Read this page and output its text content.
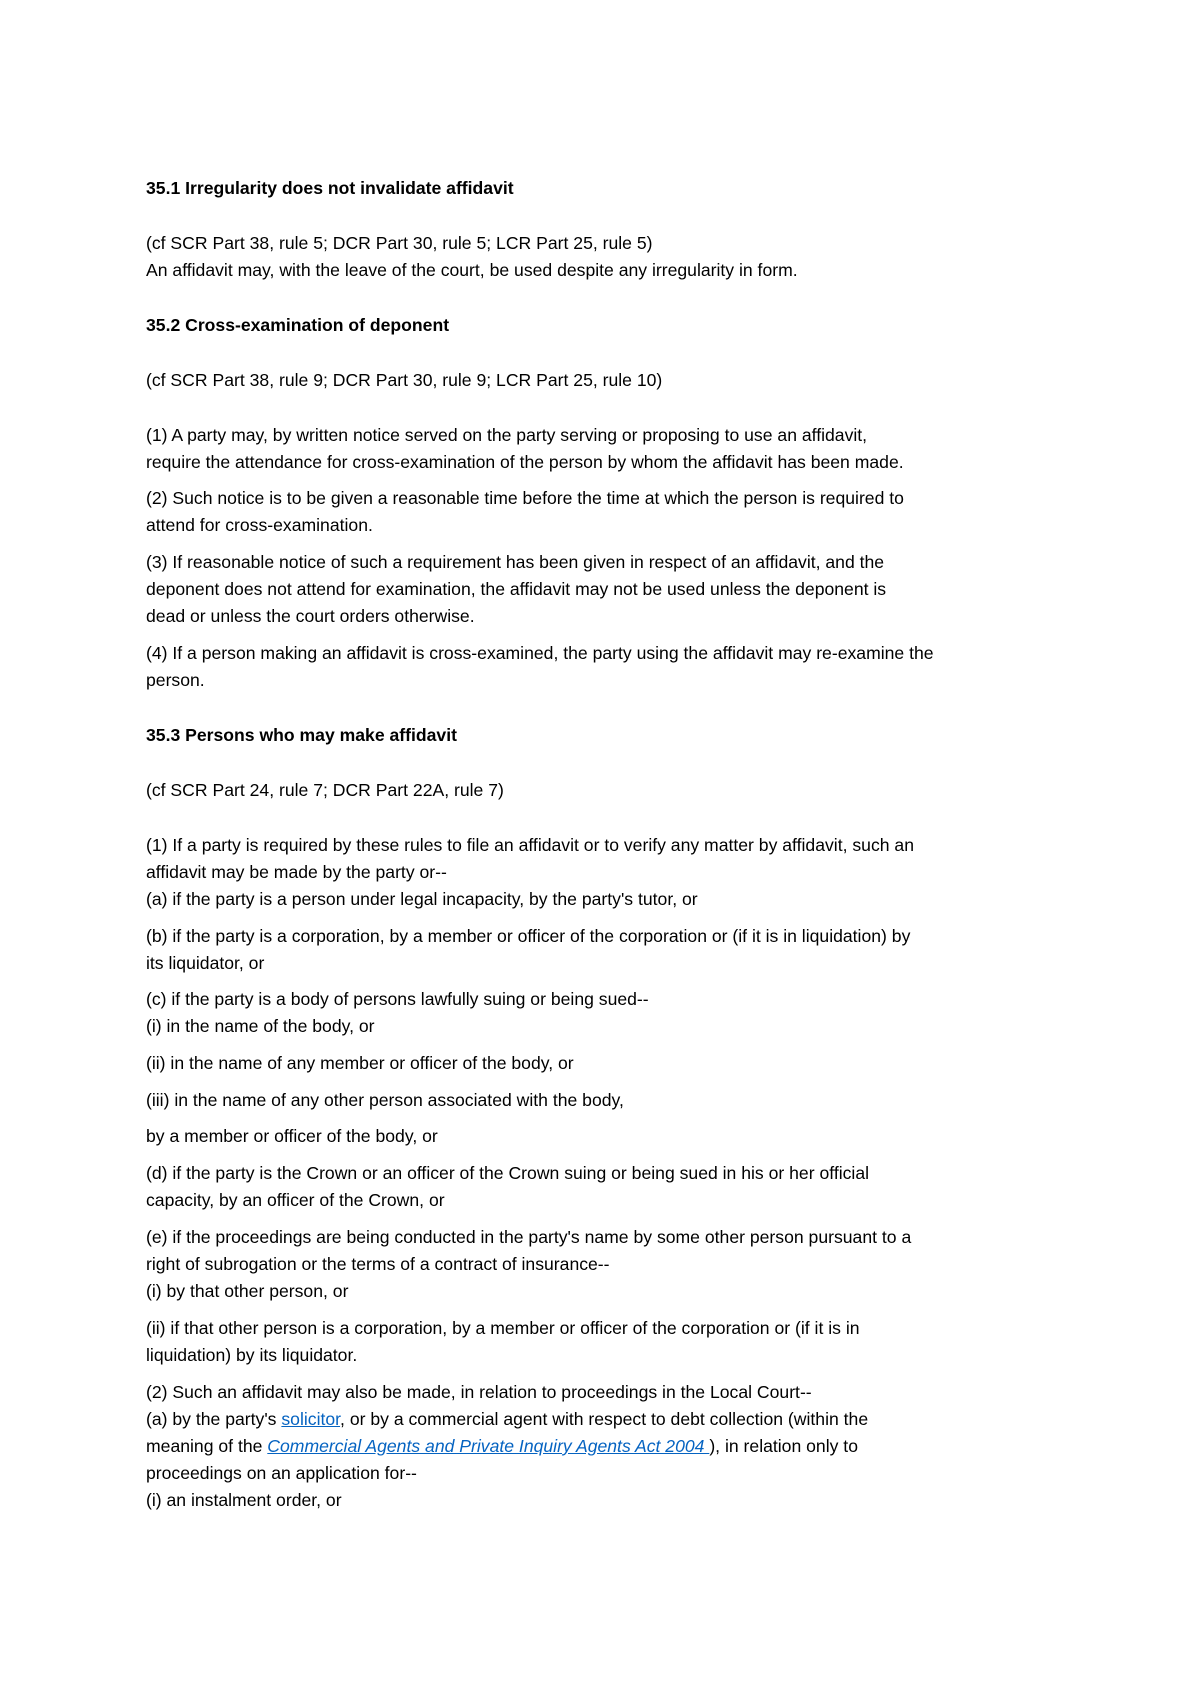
35.1 Irregularity does not invalidate affidavit

(cf SCR Part 38, rule 5; DCR Part 30, rule 5; LCR Part 25, rule 5)

An affidavit may, with the leave of the court, be used despite any irregularity in form.

35.2 Cross-examination of deponent

(cf SCR Part 38, rule 9; DCR Part 30, rule 9; LCR Part 25, rule 10)

(1) A party may, by written notice served on the party serving or proposing to use an affidavit,

require the attendance for cross-examination of the person by whom the affidavit has been made.

(2) Such notice is to be given a reasonable time before the time at which the person is required to

attend for cross-examination.

(3) If reasonable notice of such a requirement has been given in respect of an affidavit, and the

deponent does not attend for examination, the affidavit may not be used unless the deponent is

dead or unless the court orders otherwise.

(4) If a person making an affidavit is cross-examined, the party using the affidavit may re-examine the

person.

35.3 Persons who may make affidavit

(cf SCR Part 24, rule 7; DCR Part 22A, rule 7)

(1) If a party is required by these rules to file an affidavit or to verify any matter by affidavit, such an

affidavit may be made by the party or--

(a) if the party is a person under legal incapacity, by the party's tutor, or

(b) if the party is a corporation, by a member or officer of the corporation or (if it is in liquidation) by

its liquidator, or

(c) if the party is a body of persons lawfully suing or being sued--

(i) in the name of the body, or

(ii) in the name of any member or officer of the body, or

(iii) in the name of any other person associated with the body,

by a member or officer of the body, or

(d) if the party is the Crown or an officer of the Crown suing or being sued in his or her official

capacity, by an officer of the Crown, or

(e) if the proceedings are being conducted in the party's name by some other person pursuant to a

right of subrogation or the terms of a contract of insurance--

(i) by that other person, or

(ii) if that other person is a corporation, by a member or officer of the corporation or (if it is in

liquidation) by its liquidator.

(2) Such an affidavit may also be made, in relation to proceedings in the Local Court--

(a) by the party's solicitor, or by a commercial agent with respect to debt collection (within the

meaning of the Commercial Agents and Private Inquiry Agents Act 2004 ), in relation only to

proceedings on an application for--

(i) an instalment order, or
